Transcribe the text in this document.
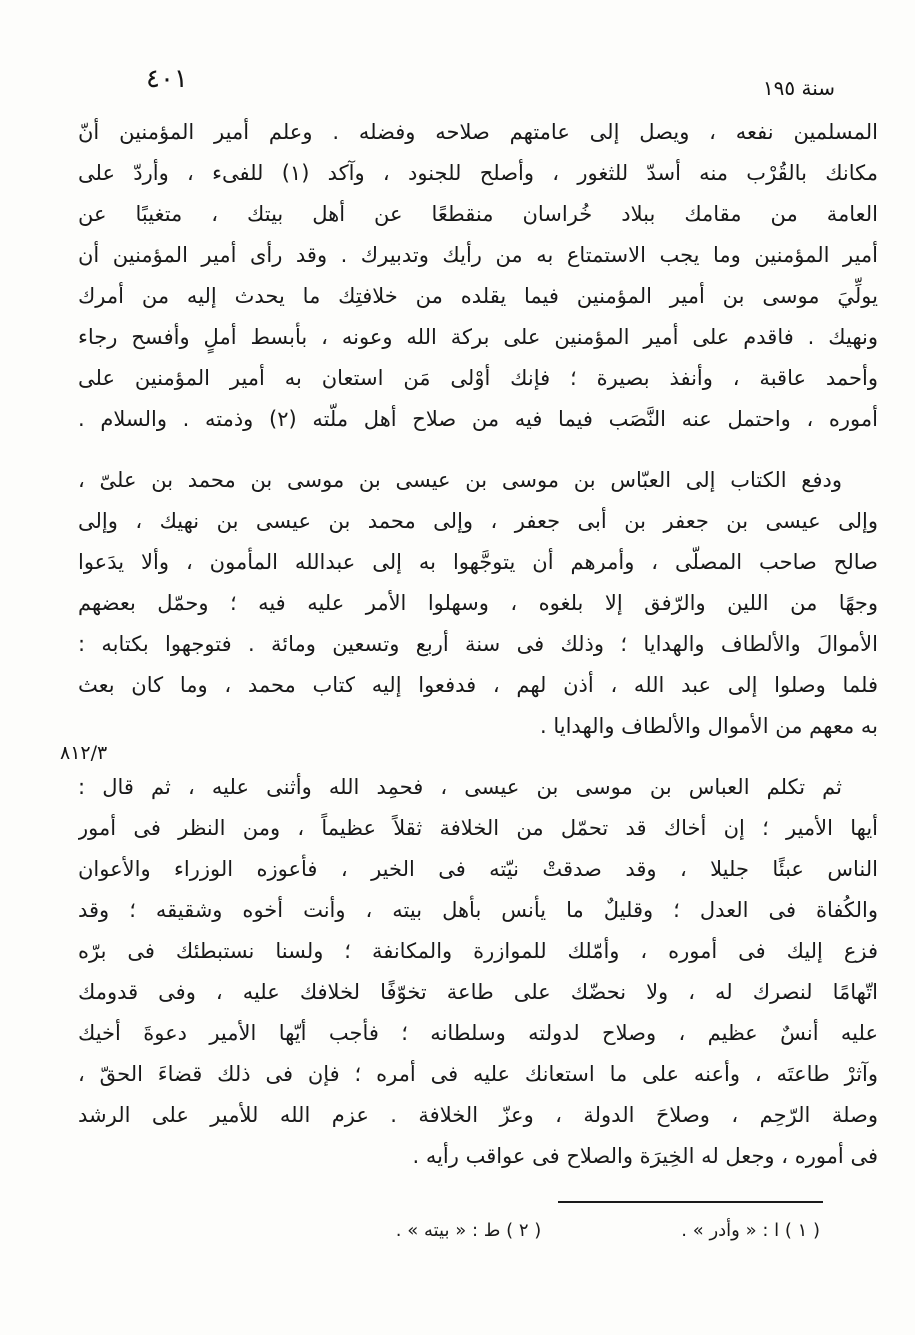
٤٠١	سنة ١٩٥
المسلمين نفعه ، ويصل إلى عامتهم صلاحه وفضله . وعلم أمير المؤمنين أنّ
مكانك بالقُرْب منه أسدّ للثغور ، وأصلح للجنود ، وآكد (١) للفىء ، وأردّ على
العامة من مقامك ببلاد خُراسان منقطعًا عن أهل بيتك ، متغيبًا عن
أمير المؤمنين وما يجب الاستمتاع به من رأيك وتدبيرك . وقد رأى أمير المؤمنين أن
يولِّيَ موسى بن أمير المؤمنين فيما يقلده من خلافتِك ما يحدث إليه من أمرك
ونهيك . فاقدم على أمير المؤمنين على بركة الله وعونه ، بأبسط أملٍ وأفسح رجاء
وأحمد عاقبة ، وأنفذ بصيرة ؛ فإنك أوْلى مَن استعان به أمير المؤمنين على
أموره ، واحتمل عنه النَّصَب فيما فيه من صلاح أهل ملّته (٢) وذمته . والسلام .
ودفع الكتاب إلى العبّاس بن موسى بن عيسى بن موسى بن محمد بن علىّ ،
وإلى عيسى بن جعفر بن أبى جعفر ، وإلى محمد بن عيسى بن نهيك ، وإلى
صالح صاحب المصلّى ، وأمرهم أن يتوجَّهوا به إلى عبدالله المأمون ، وألا يدَعوا
وجهًا من اللين والرّفق إلا بلغوه ، وسهلوا الأمر عليه فيه ؛ وحمّل بعضهم
الأموالَ والألطاف والهدايا ؛ وذلك فى سنة أربع وتسعين ومائة . فتوجهوا بكتابه :
فلما وصلوا إلى عبد الله ، أذن لهم ، فدفعوا إليه كتاب محمد ، وما كان بعث
به معهم من الأموال والألطاف والهدايا .
ثم تكلم العباس بن موسى بن عيسى ، فحمِد الله وأثنى عليه ، ثم قال :
أيها الأمير ؛ إن أخاك قد تحمّل من الخلافة ثقلاً عظيماً ، ومن النظر فى أمور
الناس عبئًا جليلا ، وقد صدقتْ نيّته فى الخير ، فأعوزه الوزراء والأعوان
والكُفاة فى العدل ؛ وقليلٌ ما يأنس بأهل بيته ، وأنت أخوه وشقيقه ؛ وقد
فزع إليك فى أموره ، وأمّلك للموازرة والمكانفة ؛ ولسنا نستبطئك فى برّه
اتّهامًا لنصرك له ، ولا نحضّك على طاعة تخوّفًا لخلافك عليه ، وفى قدومك
عليه أنسٌ عظيم ، وصلاح لدولته وسلطانه ؛ فأجب أيّها الأمير دعوةَ أخيك
وآثرْ طاعتَه ، وأعنه على ما استعانك عليه فى أمره ؛ فإن فى ذلك قضاءَ الحقّ ،
وصلة الرّحِم ، وصلاحَ الدولة ، وعزّ الخلافة . عزم الله للأمير على الرشد
فى أموره ، وجعل له الخِيرَة والصلاح فى عواقب رأيه .
٨١٢/٣
( ١ ) ا : « وأدر » .
( ٢ ) ط : « بيته » .
